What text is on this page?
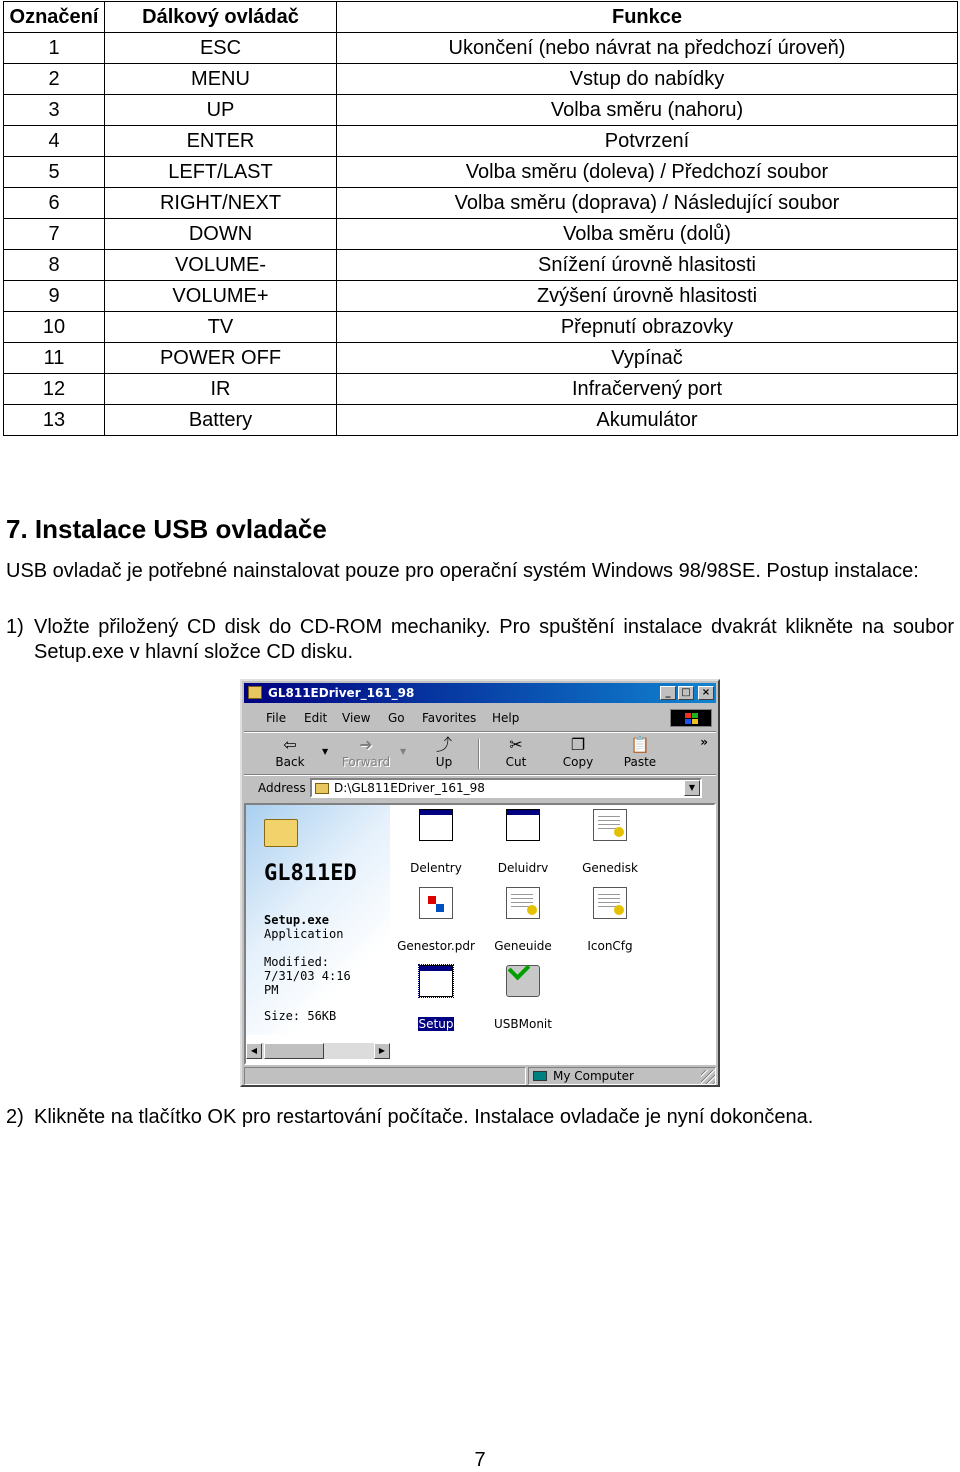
Označení	Dálkový ovládač	Funkce
1	ESC	Ukončení (nebo návrat na předchozí úroveň)
2	MENU	Vstup do nabídky
3	UP	Volba směru (nahoru)
4	ENTER	Potvrzení
5	LEFT/LAST	Volba směru (doleva) / Předchozí soubor
6	RIGHT/NEXT	Volba směru (doprava) / Následující soubor
7	DOWN	Volba směru (dolů)
8	VOLUME-	Snížení úrovně hlasitosti
9	VOLUME+	Zvýšení úrovně hlasitosti
10	TV	Přepnutí obrazovky
11	POWER OFF	Vypínač
12	IR	Infračervený port
13	Battery	Akumulátor
7. Instalace USB ovladače

USB ovladač je potřebné nainstalovat pouze pro operační systém Windows 98/98SE. Postup instalace:

1) Vložte přiložený CD disk do CD-ROM mechaniky. Pro spuštění instalace dvakrát klikněte na soubor Setup.exe v hlavní složce CD disku.

GL811EDriver_161_98	_	□	×
File Edit View Go Favorites Help
⇦
Back
▼	➜
Forward
▼	⤴
Up
✂
Cut
❐
Copy
📋
Paste
»
Address D:\GL811EDriver_161_98	▼
GL811ED
Setup.exe
Application
Modified:
7/31/03 4:16
PM
Size: 56KB

Delentry	Deluidrv	Genedisk

Genestor.pdr	Geneuide	IconCfg

Setup	USBMonit
◀	▶
My Computer
2) Klikněte na tlačítko OK pro restartování počítače. Instalace ovladače je nyní dokončena.

7
